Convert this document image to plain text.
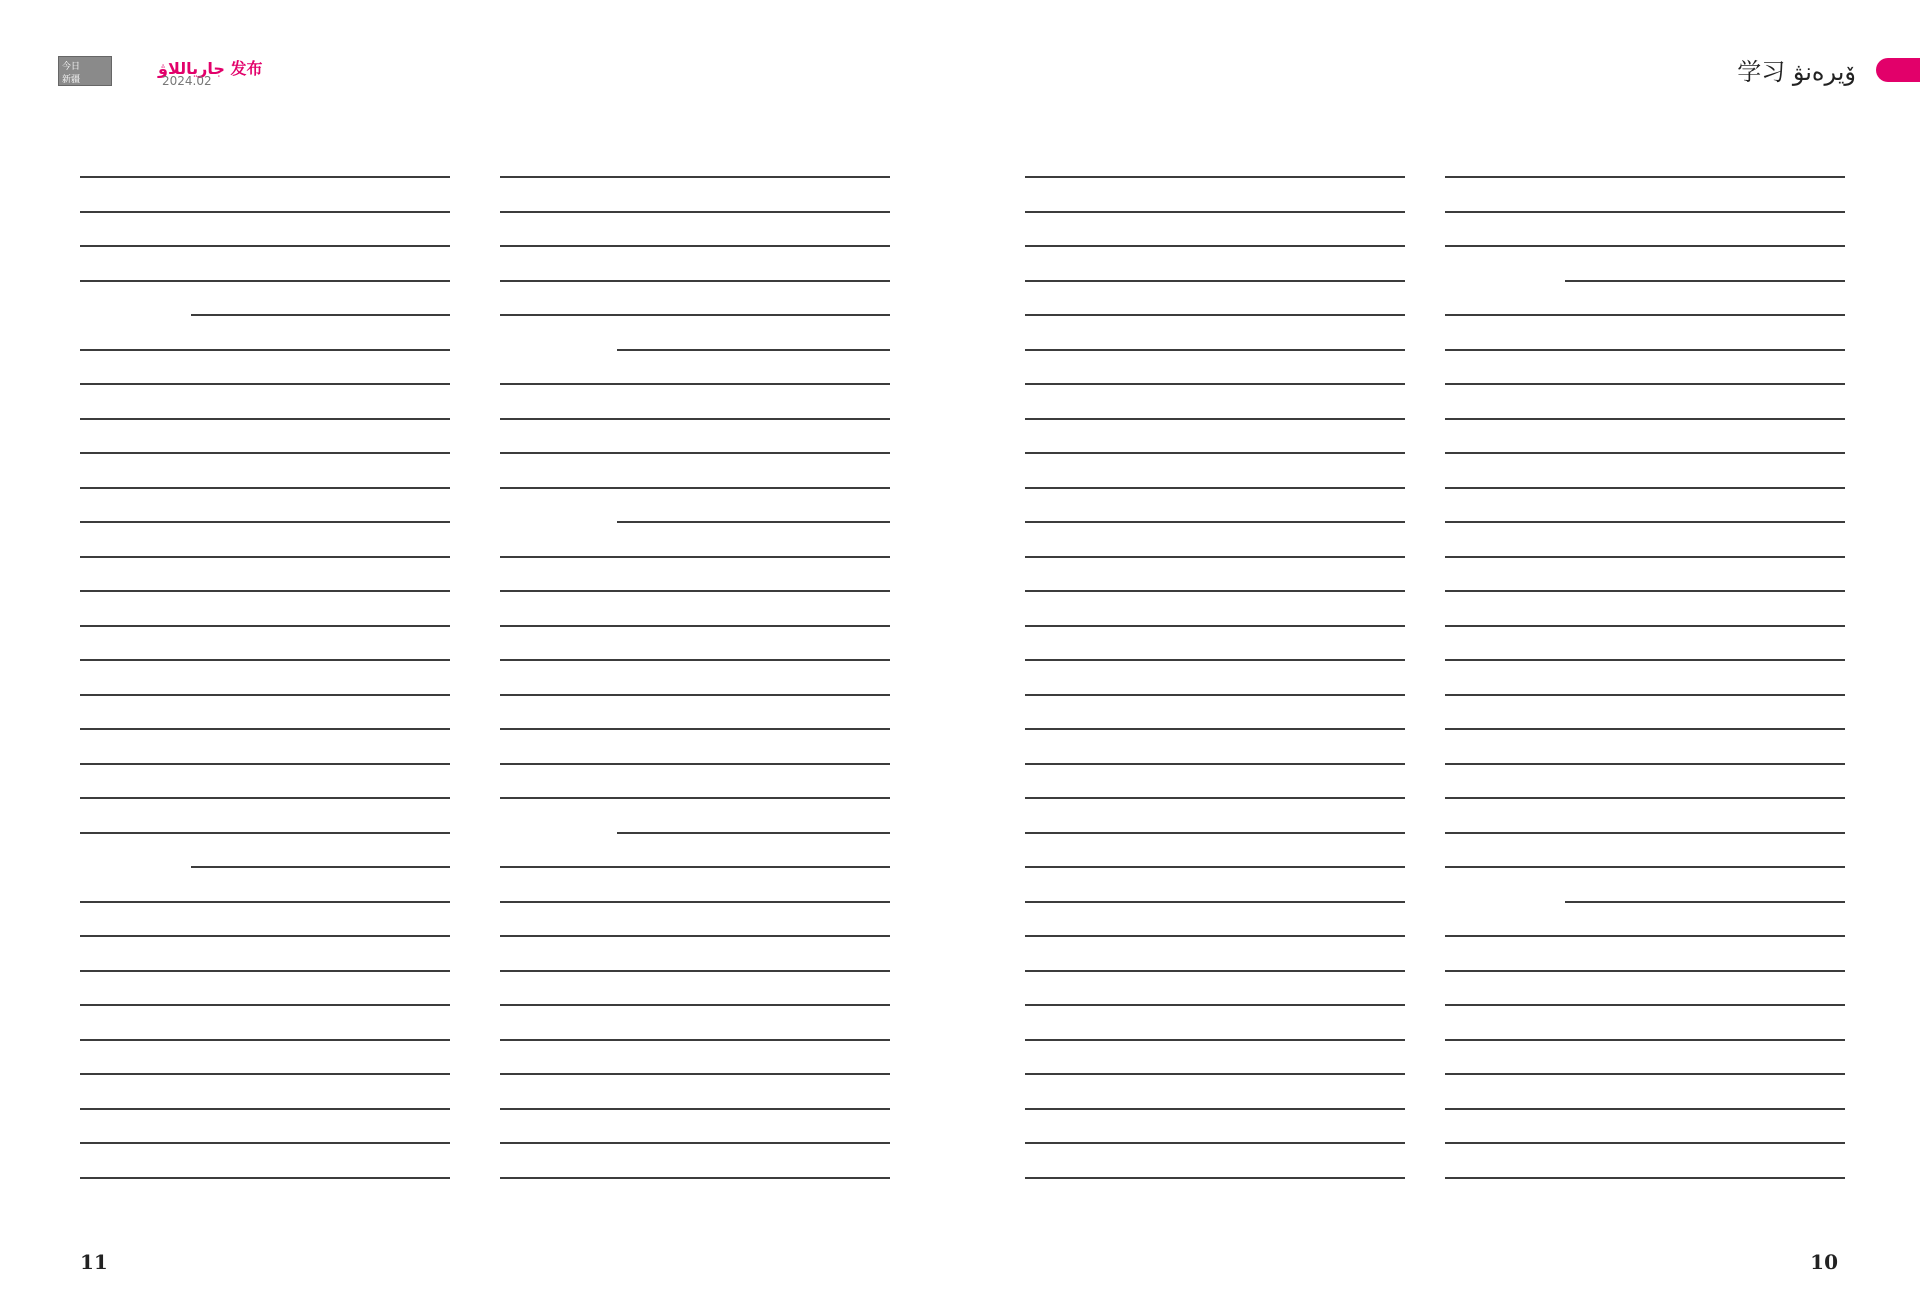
今日
新疆
جارياللاۋ 发布
2024.02	ۆيرەنۋ 学习
11	10
